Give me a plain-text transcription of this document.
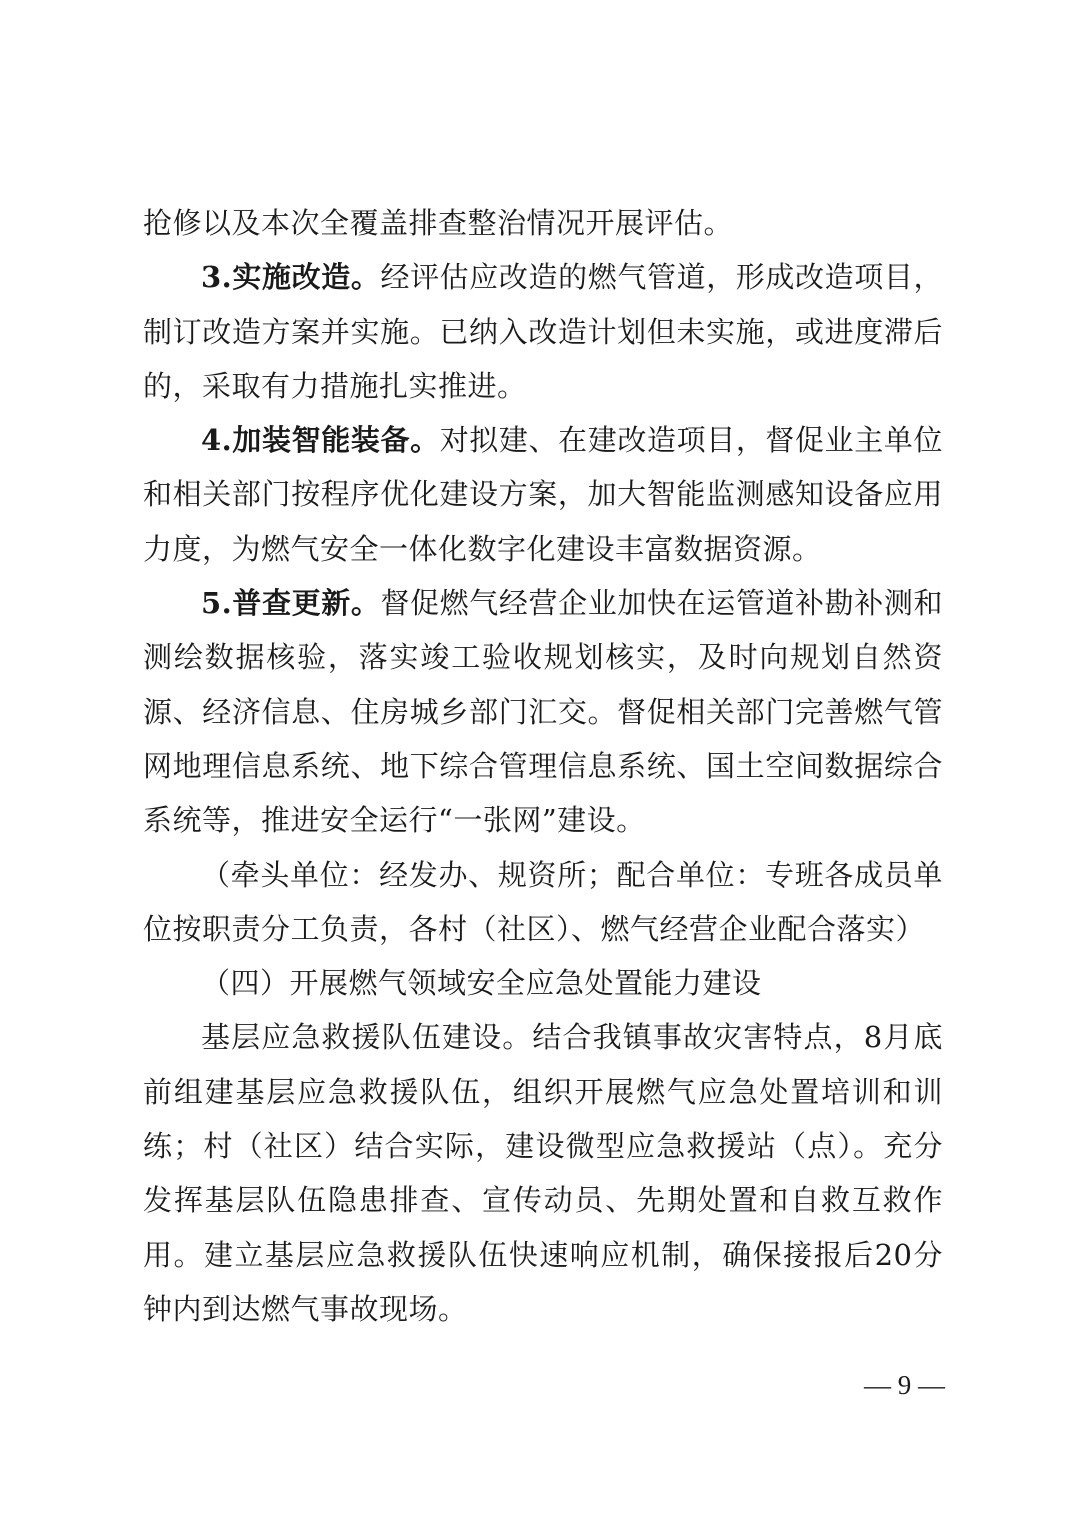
抢修以及本次全覆盖排查整治情况开展评估。

3.实施改造。经评估应改造的燃气管道，形成改造项目，制订改造方案并实施。已纳入改造计划但未实施，或进度滞后的，采取有力措施扎实推进。

4.加装智能装备。对拟建、在建改造项目，督促业主单位和相关部门按程序优化建设方案，加大智能监测感知设备应用力度，为燃气安全一体化数字化建设丰富数据资源。

5.普查更新。督促燃气经营企业加快在运管道补勘补测和测绘数据核验，落实竣工验收规划核实，及时向规划自然资源、经济信息、住房城乡部门汇交。督促相关部门完善燃气管网地理信息系统、地下综合管理信息系统、国土空间数据综合系统等，推进安全运行“一张网”建设。

（牵头单位：经发办、规资所；配合单位：专班各成员单位按职责分工负责，各村（社区）、燃气经营企业配合落实）

（四）开展燃气领域安全应急处置能力建设

基层应急救援队伍建设。结合我镇事故灾害特点，8月底前组建基层应急救援队伍，组织开展燃气应急处置培训和训练；村（社区）结合实际，建设微型应急救援站（点）。充分发挥基层队伍隐患排查、宣传动员、先期处置和自救互救作用。建立基层应急救援队伍快速响应机制，确保接报后20分钟内到达燃气事故现场。

— 9 —
